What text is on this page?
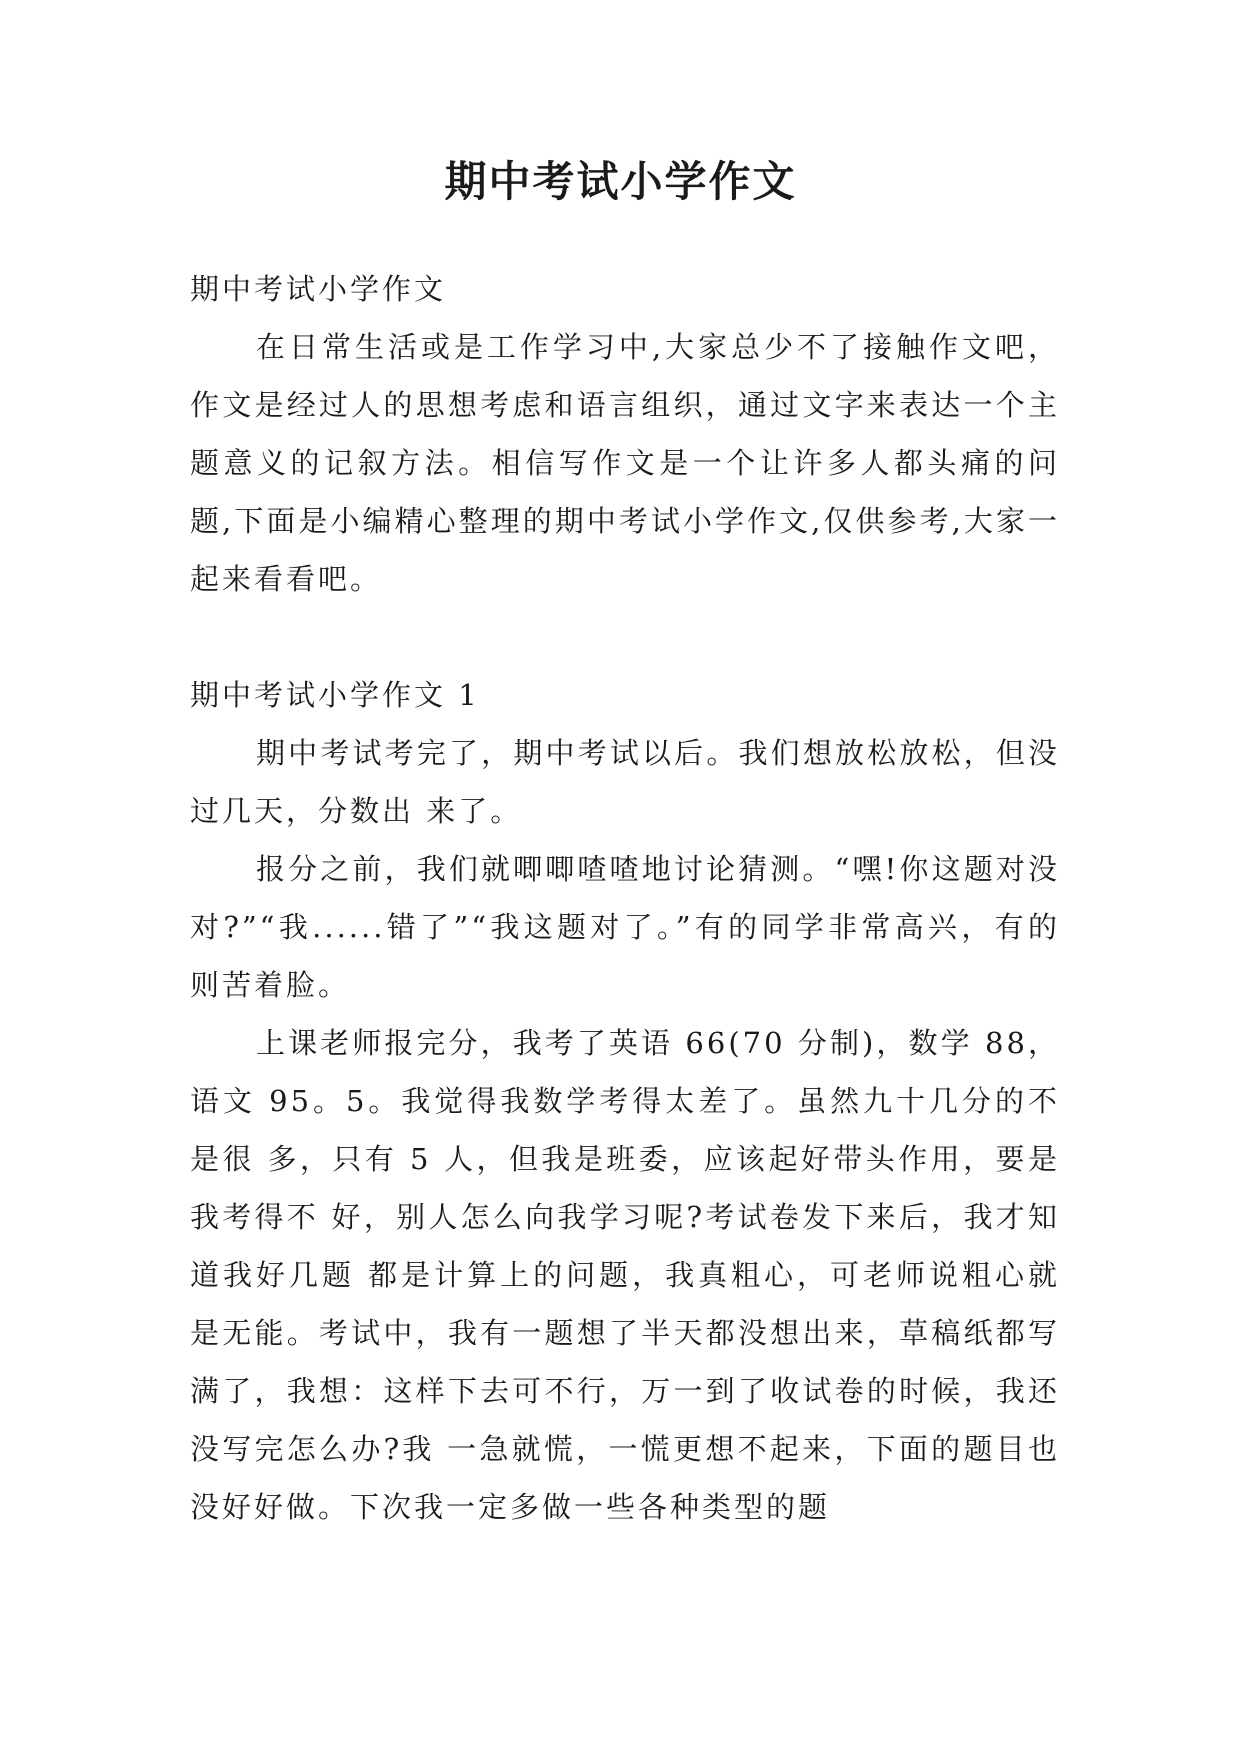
期中考试小学作文

期中考试小学作文

在日常生活或是工作学习中,大家总少不了接触作文吧，作文是经过人的思想考虑和语言组织，通过文字来表达一个主题意义的记叙方法。相信写作文是一个让许多人都头痛的问题,下面是小编精心整理的期中考试小学作文,仅供参考,大家一起来看看吧。

期中考试小学作文 1

期中考试考完了，期中考试以后。我们想放松放松，但没过几天，分数出 来了。

报分之前，我们就唧唧喳喳地讨论猜测。“嘿!你这题对没对?”“我......错了”“我这题对了。”有的同学非常高兴，有的则苦着脸。

上课老师报完分，我考了英语 66(70 分制)，数学 88，语文 95。5。我觉得我数学考得太差了。虽然九十几分的不是很 多，只有 5 人，但我是班委，应该起好带头作用，要是我考得不 好，别人怎么向我学习呢?考试卷发下来后，我才知道我好几题 都是计算上的问题，我真粗心，可老师说粗心就是无能。考试中，我有一题想了半天都没想出来，草稿纸都写满了，我想：这样下去可不行，万一到了收试卷的时候，我还没写完怎么办?我 一急就慌，一慌更想不起来，下面的题目也没好好做。下次我一定多做一些各种类型的题
